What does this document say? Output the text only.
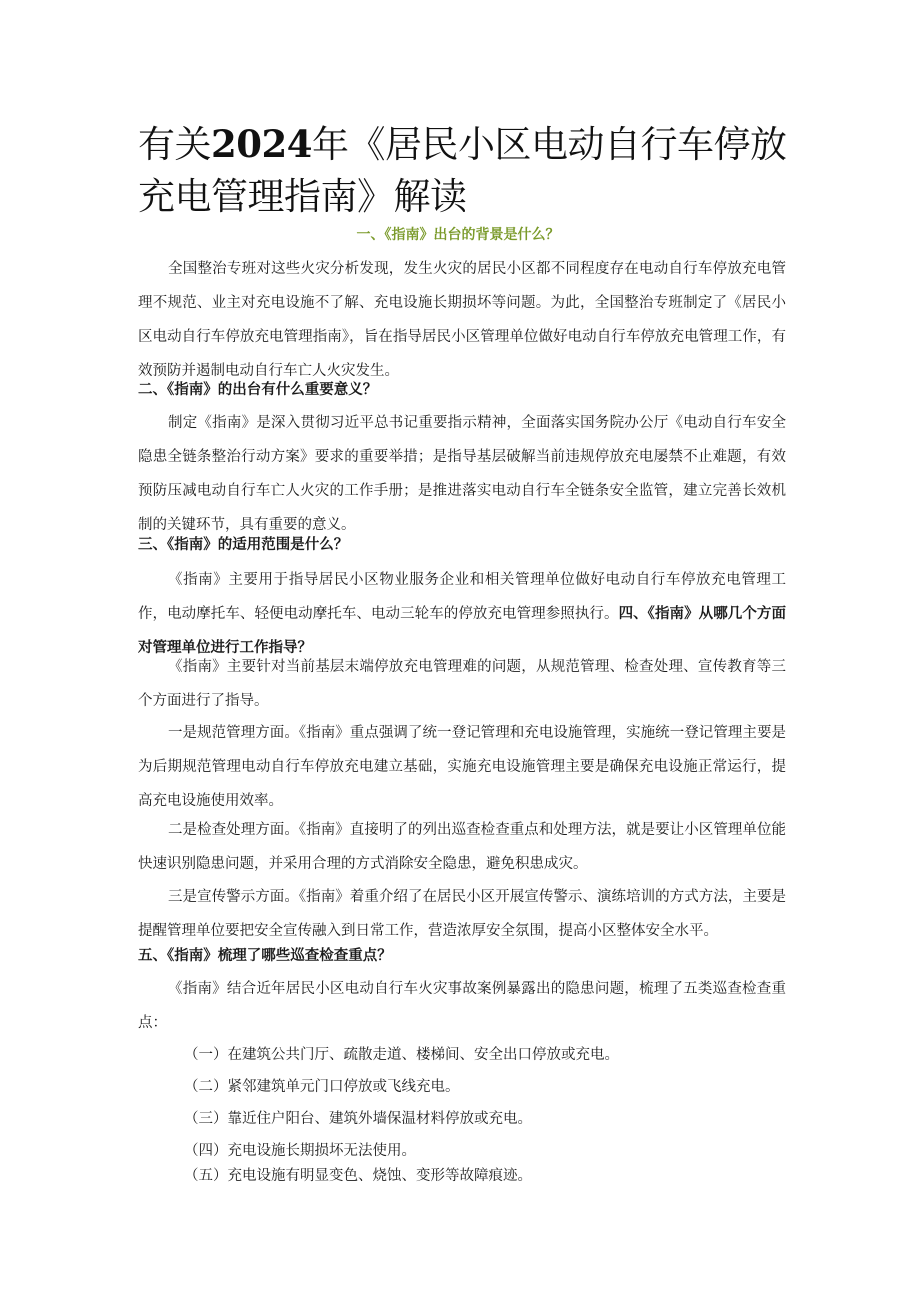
有关2024年《居民小区电动自行车停放充电管理指南》解读
一、《指南》出台的背景是什么？

全国整治专班对这些火灾分析发现，发生火灾的居民小区都不同程度存在电动自行车停放充电管理不规范、业主对充电设施不了解、充电设施长期损坏等问题。为此，全国整治专班制定了《居民小区电动自行车停放充电管理指南》，旨在指导居民小区管理单位做好电动自行车停放充电管理工作，有效预防并遏制电动自行车亡人火灾发生。

二、《指南》的出台有什么重要意义？

制定《指南》是深入贯彻习近平总书记重要指示精神，全面落实国务院办公厅《电动自行车安全隐患全链条整治行动方案》要求的重要举措；是指导基层破解当前违规停放充电屡禁不止难题，有效预防压减电动自行车亡人火灾的工作手册；是推进落实电动自行车全链条安全监管，建立完善长效机制的关键环节，具有重要的意义。

三、《指南》的适用范围是什么？

《指南》主要用于指导居民小区物业服务企业和相关管理单位做好电动自行车停放充电管理工作，电动摩托车、轻便电动摩托车、电动三轮车的停放充电管理参照执行。四、《指南》从哪几个方面对管理单位进行工作指导？

《指南》主要针对当前基层末端停放充电管理难的问题，从规范管理、检查处理、宣传教育等三个方面进行了指导。

一是规范管理方面。《指南》重点强调了统一登记管理和充电设施管理，实施统一登记管理主要是为后期规范管理电动自行车停放充电建立基础，实施充电设施管理主要是确保充电设施正常运行，提高充电设施使用效率。

二是检查处理方面。《指南》直接明了的列出巡查检查重点和处理方法，就是要让小区管理单位能快速识别隐患问题，并采用合理的方式消除安全隐患，避免积患成灾。

三是宣传警示方面。《指南》着重介绍了在居民小区开展宣传警示、演练培训的方式方法，主要是提醒管理单位要把安全宣传融入到日常工作，营造浓厚安全氛围，提高小区整体安全水平。

五、《指南》梳理了哪些巡查检查重点？

《指南》结合近年居民小区电动自行车火灾事故案例暴露出的隐患问题，梳理了五类巡查检查重点：

（一）在建筑公共门厅、疏散走道、楼梯间、安全出口停放或充电。

（二）紧邻建筑单元门口停放或飞线充电。

（三）靠近住户阳台、建筑外墙保温材料停放或充电。

（四）充电设施长期损坏无法使用。

（五）充电设施有明显变色、烧蚀、变形等故障痕迹。
